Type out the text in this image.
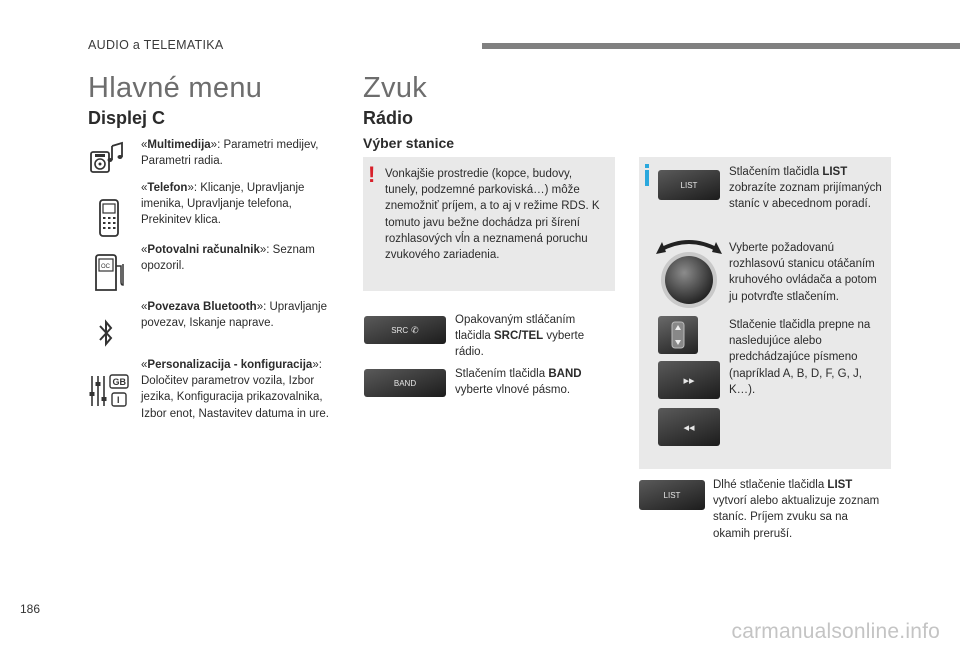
AUDIO a TELEMATIKA
Hlavné menu
Displej C
«Multimedija»: Parametri medijev, Parametri radia.
«Telefon»: Klicanje, Upravljanje imenika, Upravljanje telefona, Prekinitev klica.
OC
«Potovalni računalnik»: Seznam opozoril.
«Povezava Bluetooth»: Upravljanje povezav, Iskanje naprave.
GB
I
«Personalizacija - konfiguracija»: Določitev parametrov vozila, Izbor jezika, Konfiguracija prikazovalnika, Izbor enot, Nastavitev datuma in ure.
Zvuk
Rádio
Výber stanice
! Vonkajšie prostredie (kopce, budovy, tunely, podzemné parkoviská…) môže znemožniť príjem, a to aj v režime RDS. K tomuto javu bežne dochádza pri šírení rozhlasových vĺn a neznamená poruchu zvukového zariadenia.
SRC ✆
Opakovaným stláčaním tlačidla SRC/TEL vyberte rádio.
BAND
Stlačením tlačidla BAND vyberte vlnové pásmo.
LIST
Stlačením tlačidla LIST zobrazíte zoznam prijímaných staníc v abecednom poradí.
Vyberte požadovanú rozhlasovú stanicu otáčaním kruhového ovládača a potom ju potvrďte stlačením.
▸▸
◂◂
Stlačenie tlačidla prepne na nasledujúce alebo predchádzajúce písmeno (napríklad A, B, D, F, G, J, K…).
LIST
Dlhé stlačenie tlačidla LIST vytvorí alebo aktualizuje zoznam staníc. Príjem zvuku sa na okamih preruší.
186
carmanualsonline.info
